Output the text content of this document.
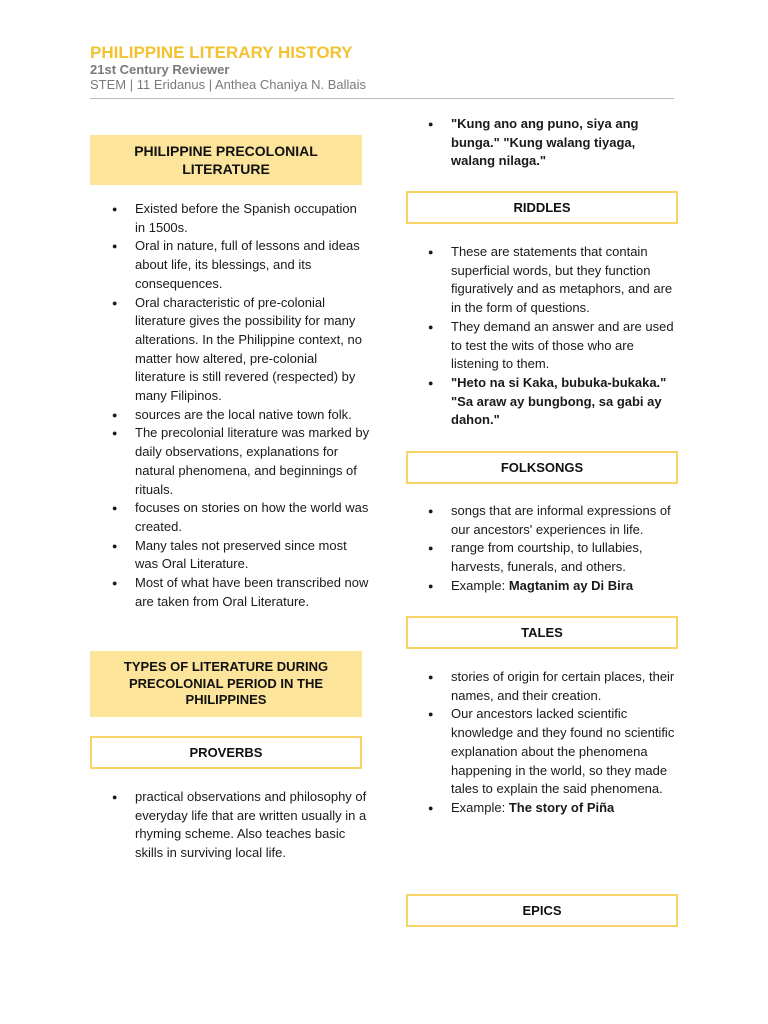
PHILIPPINE LITERARY HISTORY
21st Century Reviewer
STEM | 11 Eridanus | Anthea Chaniya N. Ballais
PHILIPPINE PRECOLONIAL LITERATURE
● Existed before the Spanish occupation in 1500s.
● Oral in nature, full of lessons and ideas about life, its blessings, and its consequences.
● Oral characteristic of pre-colonial literature gives the possibility for many alterations. In the Philippine context, no matter how altered, pre-colonial literature is still revered (respected) by many Filipinos.
● sources are the local native town folk.
● The precolonial literature was marked by daily observations, explanations for natural phenomena, and beginnings of rituals.
● focuses on stories on how the world was created.
● Many tales not preserved since most was Oral Literature.
● Most of what have been transcribed now are taken from Oral Literature.
TYPES OF LITERATURE DURING PRECOLONIAL PERIOD IN THE PHILIPPINES
PROVERBS
● practical observations and philosophy of everyday life that are written usually in a rhyming scheme. Also teaches basic skills in surviving local life.
● "Kung ano ang puno, siya ang bunga." "Kung walang tiyaga, walang nilaga."
RIDDLES
● These are statements that contain superficial words, but they function figuratively and as metaphors, and are in the form of questions.
● They demand an answer and are used to test the wits of those who are listening to them.
● "Heto na si Kaka, bubuka-bukaka." "Sa araw ay bungbong, sa gabi ay dahon."
FOLKSONGS
● songs that are informal expressions of our ancestors' experiences in life.
● range from courtship, to lullabies, harvests, funerals, and others.
● Example: Magtanim ay Di Bira
TALES
● stories of origin for certain places, their names, and their creation.
● Our ancestors lacked scientific knowledge and they found no scientific explanation about the phenomena happening in the world, so they made tales to explain the said phenomena.
● Example: The story of Piña
EPICS
